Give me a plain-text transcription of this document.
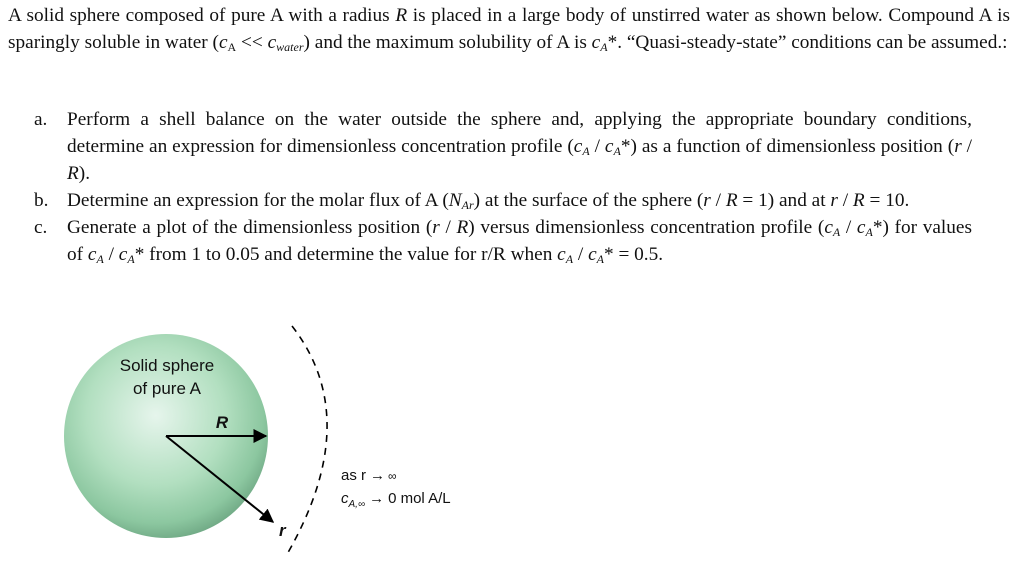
A solid sphere composed of pure A with a radius R is placed in a large body of unstirred water as shown below. Compound A is sparingly soluble in water $(c_A << c_{water})$ and the maximum solubility of A is $c_A*$. “Quasi-steady-state” conditions can be assumed.:

a. Perform a shell balance on the water outside the sphere and, applying the appropriate boundary conditions, determine an expression for dimensionless concentration profile $(c_A / c_A*)$ as a function of dimensionless position (r / R).
b. Determine an expression for the molar flux of A $(N_{Ar})$ at the surface of the sphere (r / R = 1) and at r / R = 10.
c. Generate a plot of the dimensionless position (r / R) versus dimensionless concentration profile $(c_A / c_A*)$ for values of $c_A / c_A*$ from 1 to 0.05 and determine the value for r/R when $c_A / c_A* = 0.5$.
Solid sphere
of pure A
R
r
as r → ∞
$c_{A,\infty} \to 0$ mol A/L
